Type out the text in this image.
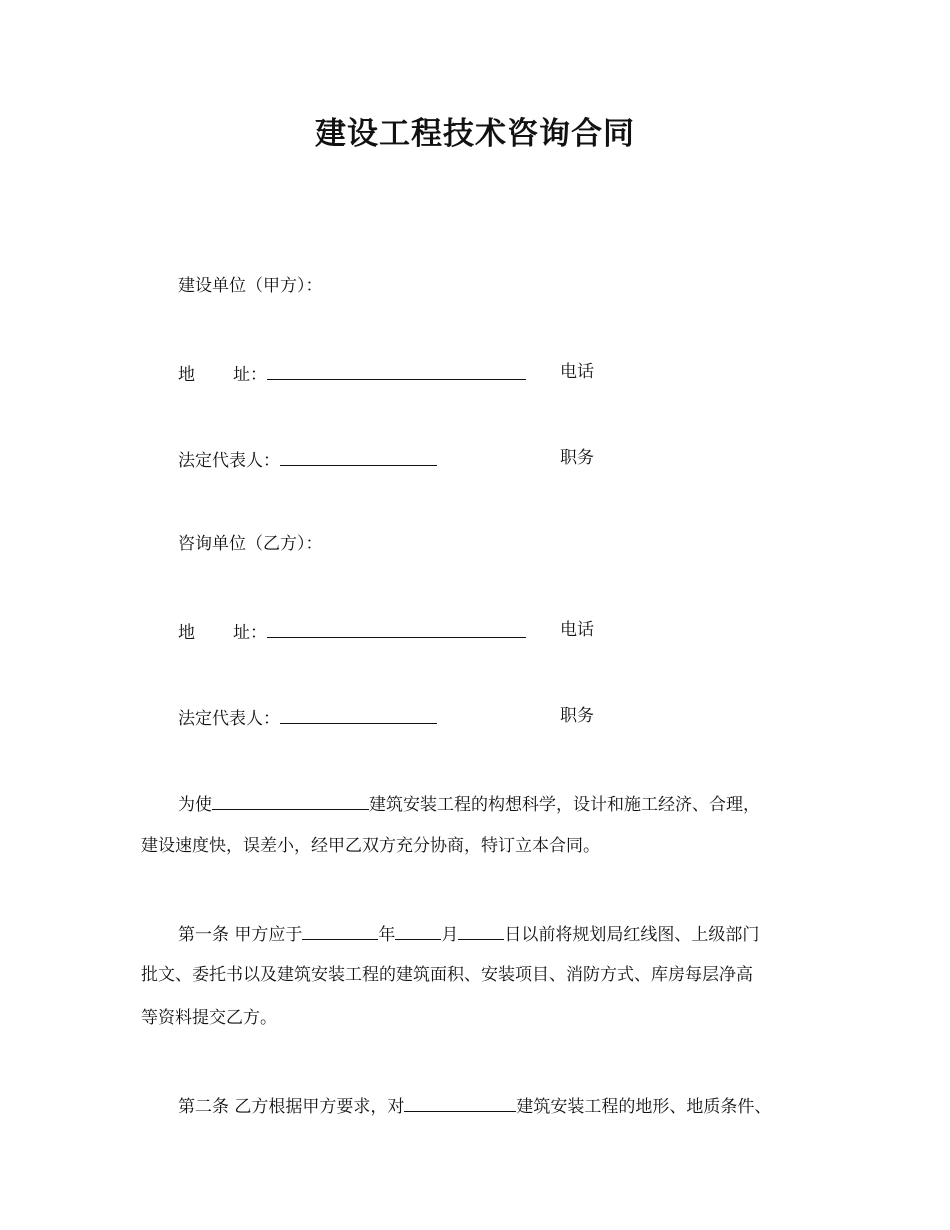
建设工程技术咨询合同
建设单位（甲方）：
地 址：	电话
法定代表人：	职务
咨询单位（乙方）：
地 址：	电话
法定代表人：	职务
为使	建筑安装工程的构想科学，设计和施工经济、合理，
建设速度快，误差小，经甲乙双方充分协商，特订立本合同。
第一条 甲方应于	年	月	日以前将规划局红线图、上级部门
批文、委托书以及建筑安装工程的建筑面积、安装项目、消防方式、库房每层净高
等资料提交乙方。
第二条 乙方根据甲方要求，对	建筑安装工程的地形、地质条件、
